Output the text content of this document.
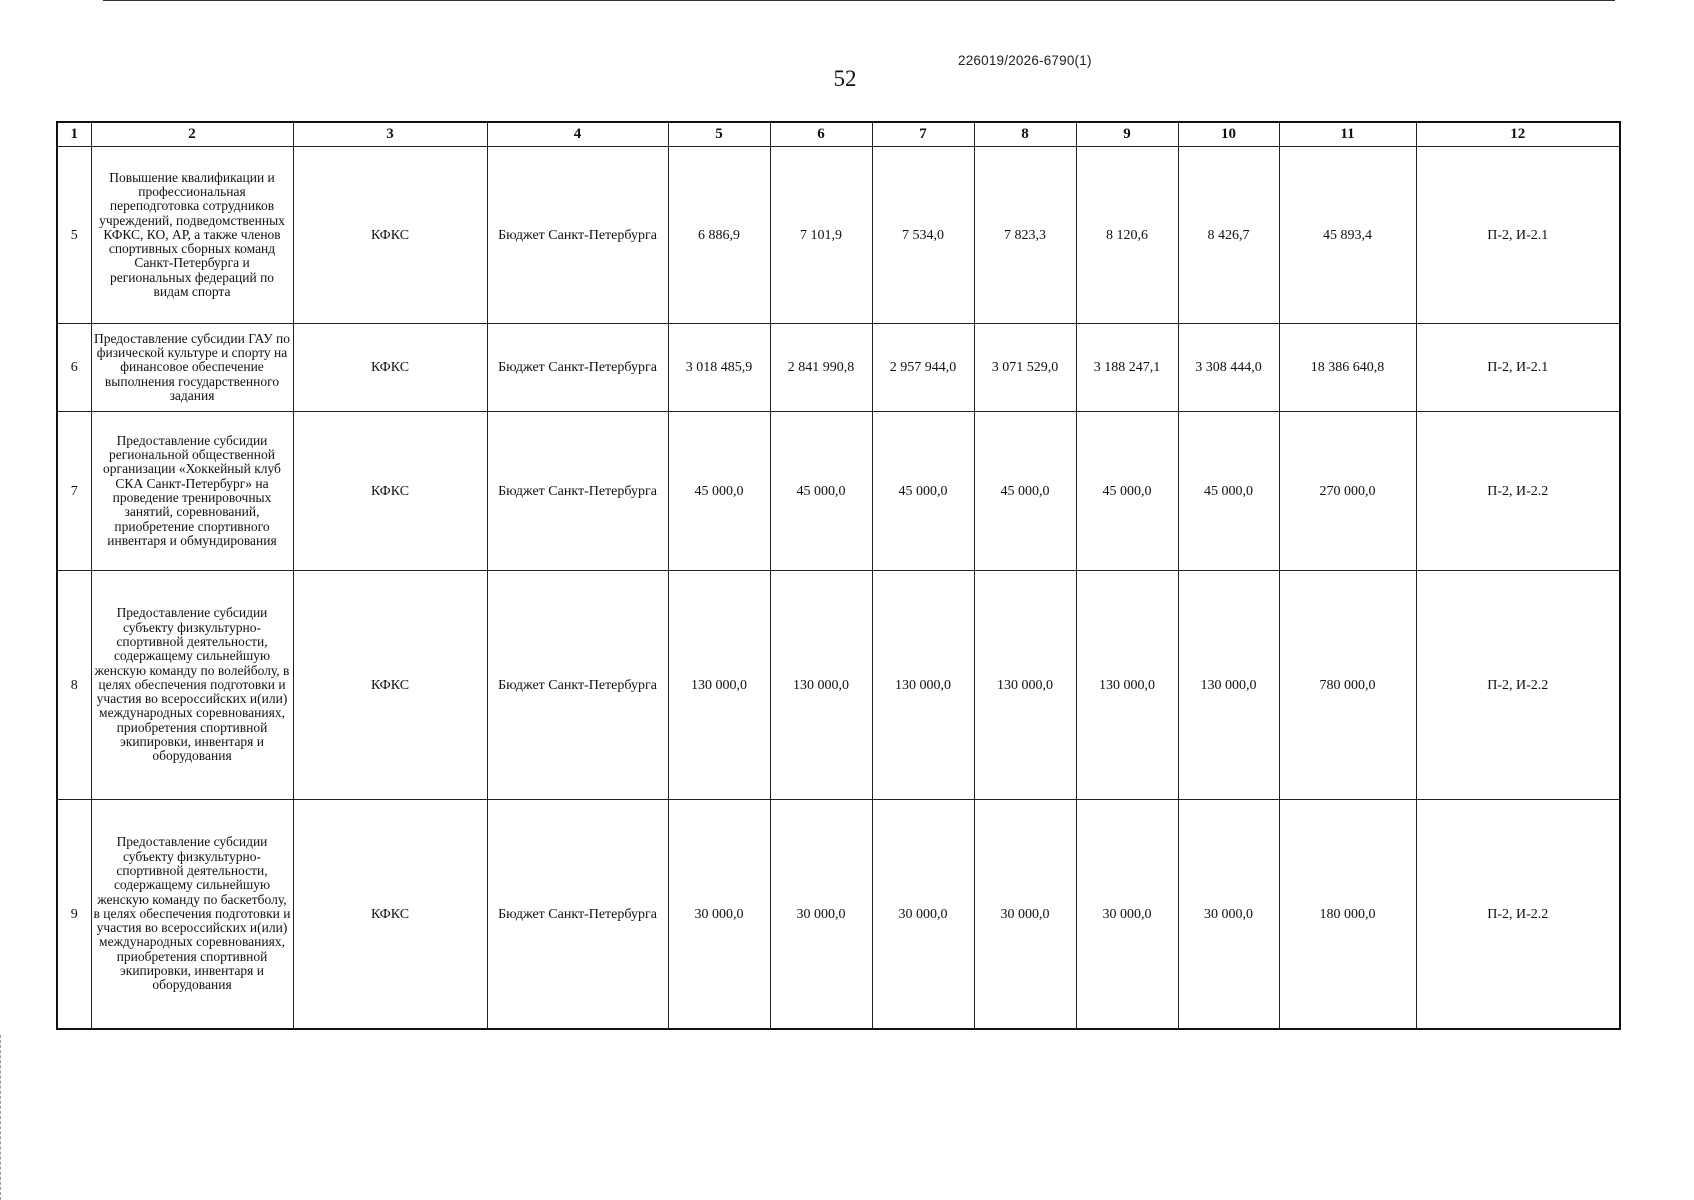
226019/2026-6790(1)
52
1	2	3	4	5	6	7	8	9	10	11	12
5	Повышение квалификации и профессиональная переподготовка сотрудников учреждений, подведомственных КФКС, КО, АР, а также членов спортивных сборных команд Санкт-Петербурга и региональных федераций по видам спорта	КФКС	Бюджет Санкт-Петербурга	6 886,9	7 101,9	7 534,0	7 823,3	8 120,6	8 426,7	45 893,4	П-2, И-2.1
6	Предоставление субсидии ГАУ по физической культуре и спорту на финансовое обеспечение выполнения государственного задания	КФКС	Бюджет Санкт-Петербурга	3 018 485,9	2 841 990,8	2 957 944,0	3 071 529,0	3 188 247,1	3 308 444,0	18 386 640,8	П-2, И-2.1
7	Предоставление субсидии региональной общественной организации «Хоккейный клуб СКА Санкт-Петербург» на проведение тренировочных занятий, соревнований, приобретение спортивного инвентаря и обмундирования	КФКС	Бюджет Санкт-Петербурга	45 000,0	45 000,0	45 000,0	45 000,0	45 000,0	45 000,0	270 000,0	П-2, И-2.2
8	Предоставление субсидии субъекту физкультурно-спортивной деятельности, содержащему сильнейшую женскую команду по волейболу, в целях обеспечения подготовки и участия во всероссийских и(или) международных соревнованиях, приобретения спортивной экипировки, инвентаря и оборудования	КФКС	Бюджет Санкт-Петербурга	130 000,0	130 000,0	130 000,0	130 000,0	130 000,0	130 000,0	780 000,0	П-2, И-2.2
9	Предоставление субсидии субъекту физкультурно-спортивной деятельности, содержащему сильнейшую женскую команду по баскетболу, в целях обеспечения подготовки и участия во всероссийских и(или) международных соревнованиях, приобретения спортивной экипировки, инвентаря и оборудования	КФКС	Бюджет Санкт-Петербурга	30 000,0	30 000,0	30 000,0	30 000,0	30 000,0	30 000,0	180 000,0	П-2, И-2.2
